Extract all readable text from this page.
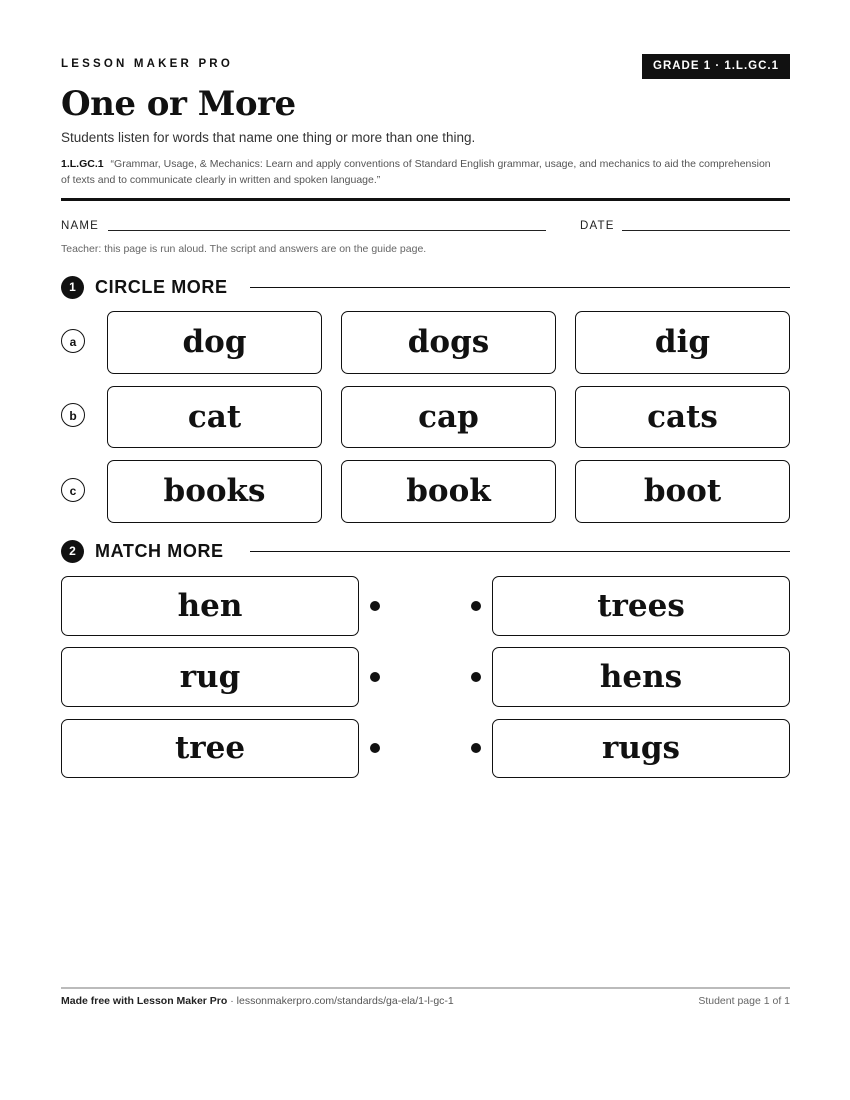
LESSON MAKER PRO	GRADE 1 · 1.L.GC.1
One or More
Students listen for words that name one thing or more than one thing.
1.L.GC.1 “Grammar, Usage, & Mechanics: Learn and apply conventions of Standard English grammar, usage, and mechanics to aid the comprehension of texts and to communicate clearly in written and spoken language.”
NAME	DATE
Teacher: this page is run aloud. The script and answers are on the guide page.
1	CIRCLE MORE
a	dog	dogs	dig
b	cat	cap	cats
c	books	book	boot
2	MATCH MORE
hen	trees
rug	hens
tree	rugs
Made free with Lesson Maker Pro · lessonmakerpro.com/standards/ga-ela/1-l-gc-1	Student page 1 of 1
